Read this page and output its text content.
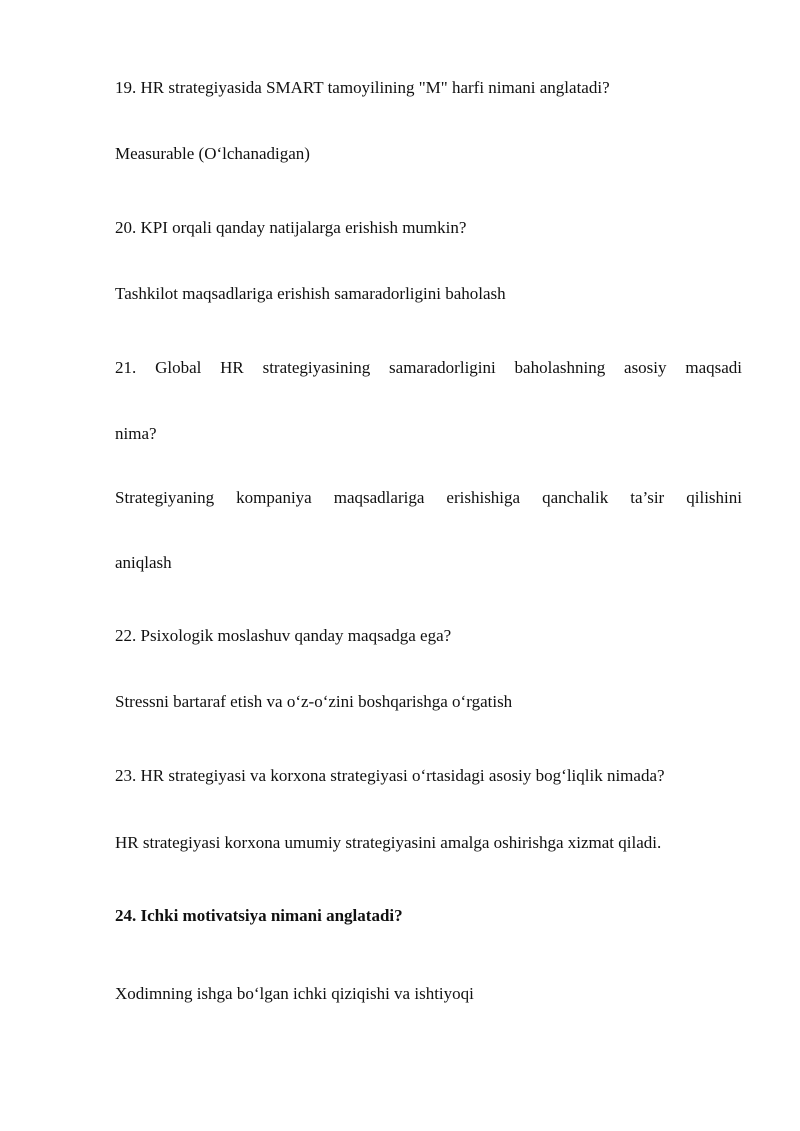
19. HR strategiyasida SMART tamoyilining "M" harfi nimani anglatadi?
Measurable (O‘lchanadigan)
20. KPI orqali qanday natijalarga erishish mumkin?
Tashkilot maqsadlariga erishish samaradorligini baholash
21. Global HR strategiyasining samaradorligini baholashning asosiy maqsadi
nima?
Strategiyaning kompaniya maqsadlariga erishishiga qanchalik ta’sir qilishini
aniqlash
22. Psixologik moslashuv qanday maqsadga ega?
Stressni bartaraf etish va o‘z-o‘zini boshqarishga o‘rgatish
23. HR strategiyasi va korxona strategiyasi o‘rtasidagi asosiy bog‘liqlik nimada?
HR strategiyasi korxona umumiy strategiyasini amalga oshirishga xizmat qiladi.
24. Ichki motivatsiya nimani anglatadi?
Xodimning ishga bo‘lgan ichki qiziqishi va ishtiyoqi
